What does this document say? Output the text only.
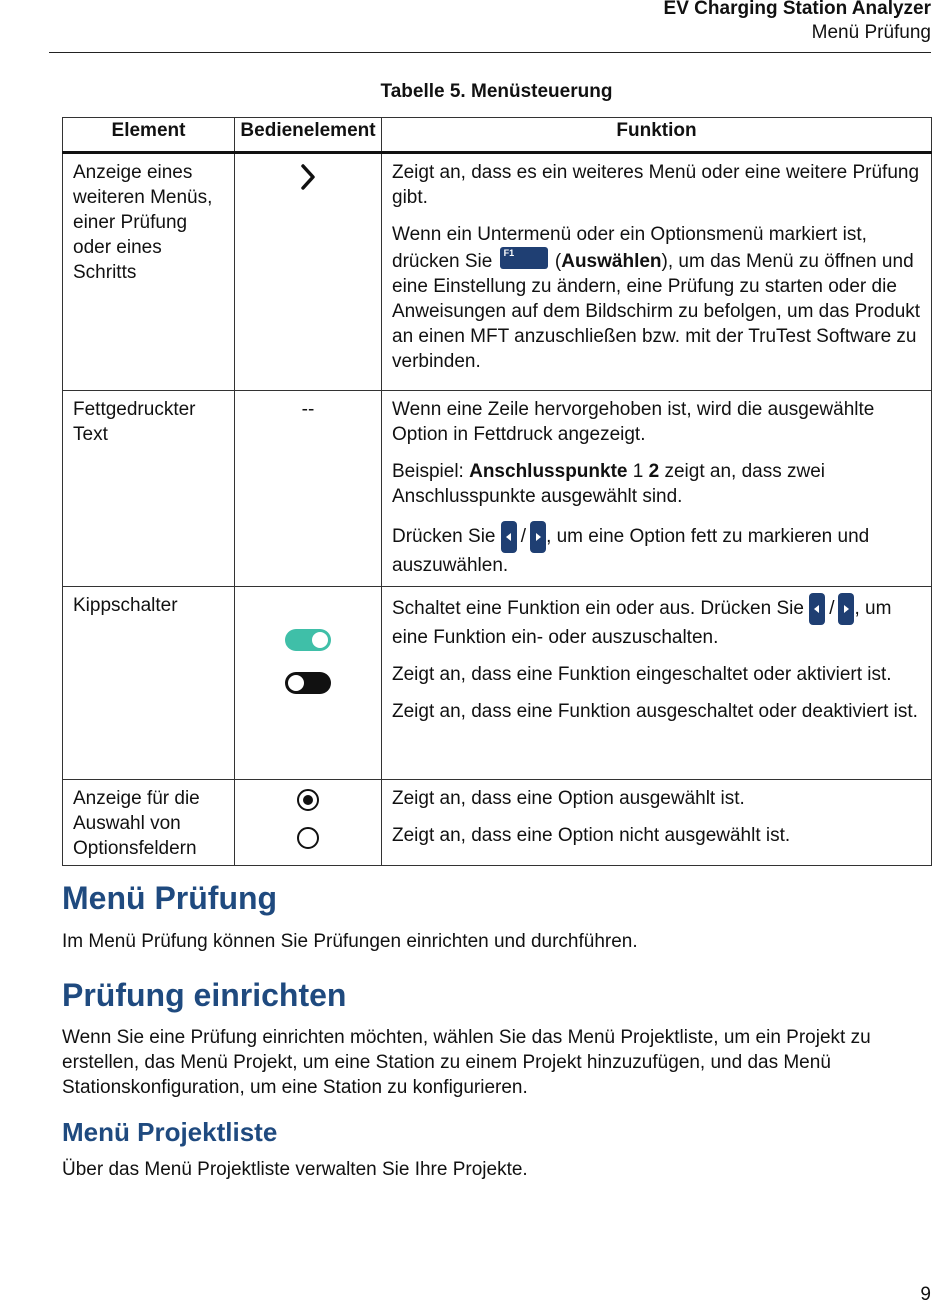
EV Charging Station Analyzer
Menü Prüfung
Tabelle 5. Menüsteuerung
Element	Bedienelement	Funktion
Anzeige eines weiteren Menüs, einer Prüfung oder eines Schritts		Zeigt an, dass es ein weiteres Menü oder eine weitere Prüfung gibt.

Wenn ein Untermenü oder ein Optionsmenü markiert ist, drücken Sie F1 (Auswählen), um das Menü zu öffnen und eine Einstellung zu ändern, eine Prüfung zu starten oder die Anweisungen auf dem Bildschirm zu befolgen, um das Produkt an einen MFT anzuschließen bzw. mit der TruTest Software zu verbinden.

Fettgedruckter Text	--	Wenn eine Zeile hervorgehoben ist, wird die ausgewählte Option in Fettdruck angezeigt.

Beispiel: Anschlusspunkte 1 2 zeigt an, dass zwei Anschlusspunkte ausgewählt sind.

Drücken Sie / , um eine Option fett zu markieren und auszuwählen.

Kippschalter		Schaltet eine Funktion ein oder aus. Drücken Sie / , um eine Funktion ein- oder auszuschalten.

Zeigt an, dass eine Funktion eingeschaltet oder aktiviert ist.

Zeigt an, dass eine Funktion ausgeschaltet oder deaktiviert ist.

Anzeige für die Auswahl von Optionsfeldern		Zeigt an, dass eine Option ausgewählt ist.

Zeigt an, dass eine Option nicht ausgewählt ist.

Menü Prüfung

Im Menü Prüfung können Sie Prüfungen einrichten und durchführen.

Prüfung einrichten

Wenn Sie eine Prüfung einrichten möchten, wählen Sie das Menü Projektliste, um ein Projekt zu erstellen, das Menü Projekt, um eine Station zu einem Projekt hinzuzufügen, und das Menü Stationskonfiguration, um eine Station zu konfigurieren.

Menü Projektliste

Über das Menü Projektliste verwalten Sie Ihre Projekte.

9
